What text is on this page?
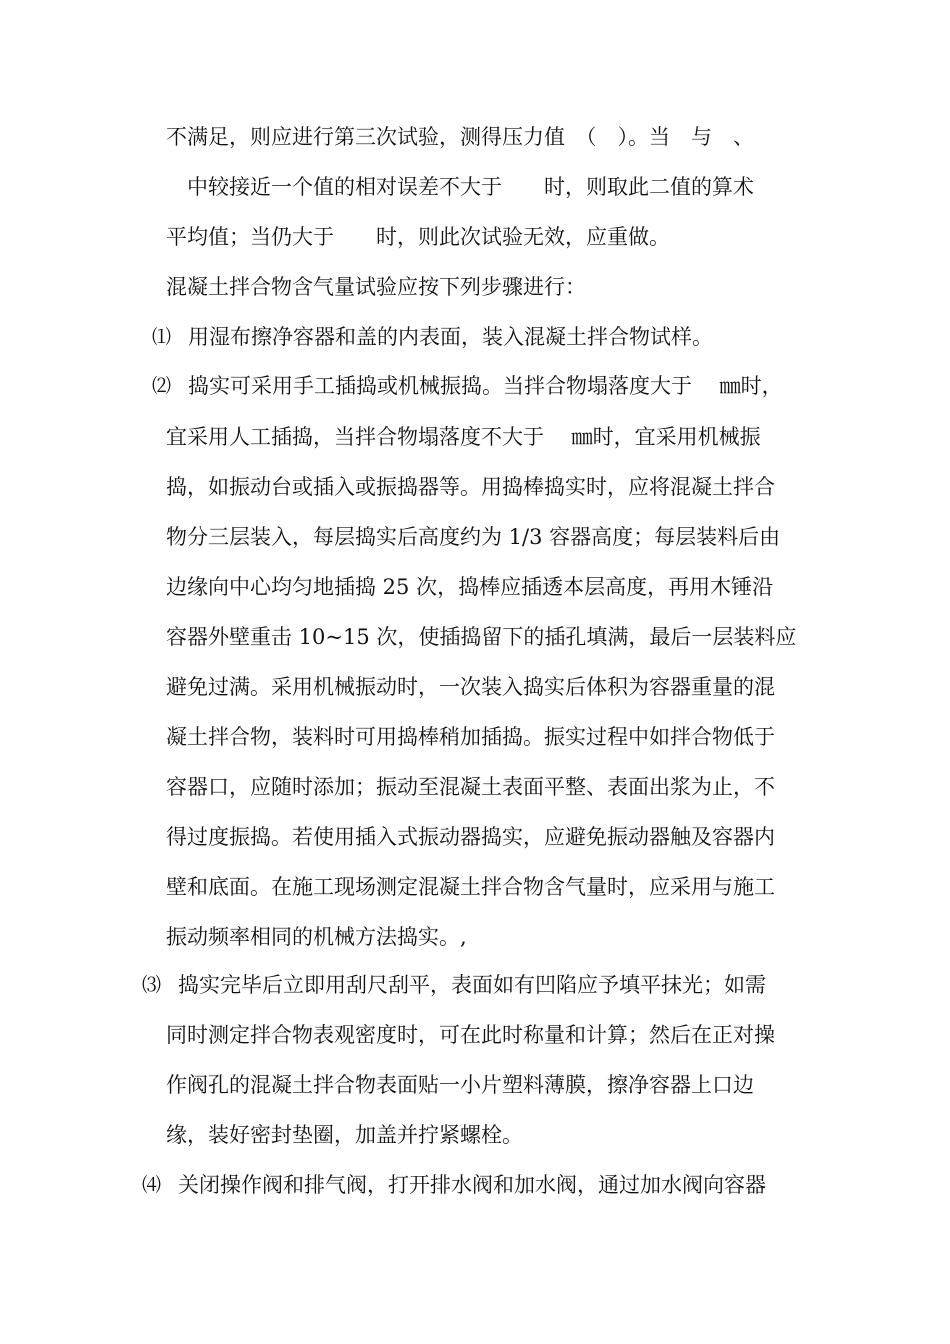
不满足，则应进行第三次试验，测得压力值　（　）。当　与　、
　中较接近一个值的相对误差不大于　　时，则取此二值的算术
平均值；当仍大于　　时，则此次试验无效，应重做。
混凝土拌合物含气量试验应按下列步骤进行：
⑴ 用湿布擦净容器和盖的内表面，装入混凝土拌合物试样。
⑵ 捣实可采用手工插捣或机械振捣。当拌合物塌落度大于　 ㎜时，
宜采用人工插捣，当拌合物塌落度不大于　 ㎜时，宜采用机械振
捣，如振动台或插入或振捣器等。用捣棒捣实时，应将混凝土拌合
物分三层装入，每层捣实后高度约为 1/3 容器高度；每层装料后由
边缘向中心均匀地插捣 25 次，捣棒应插透本层高度，再用木锤沿
容器外壁重击 10~15 次，使插捣留下的插孔填满，最后一层装料应
避免过满。采用机械振动时，一次装入捣实后体积为容器重量的混
凝土拌合物，装料时可用捣棒稍加插捣。振实过程中如拌合物低于
容器口，应随时添加；振动至混凝土表面平整、表面出浆为止，不
得过度振捣。若使用插入式振动器捣实，应避免振动器触及容器内
壁和底面。在施工现场测定混凝土拌合物含气量时，应采用与施工
振动频率相同的机械方法捣实。,
⑶ 捣实完毕后立即用刮尺刮平，表面如有凹陷应予填平抹光；如需
同时测定拌合物表观密度时，可在此时称量和计算；然后在正对操
作阀孔的混凝土拌合物表面贴一小片塑料薄膜，擦净容器上口边
缘，装好密封垫圈，加盖并拧紧螺栓。
⑷ 关闭操作阀和排气阀，打开排水阀和加水阀，通过加水阀向容器
